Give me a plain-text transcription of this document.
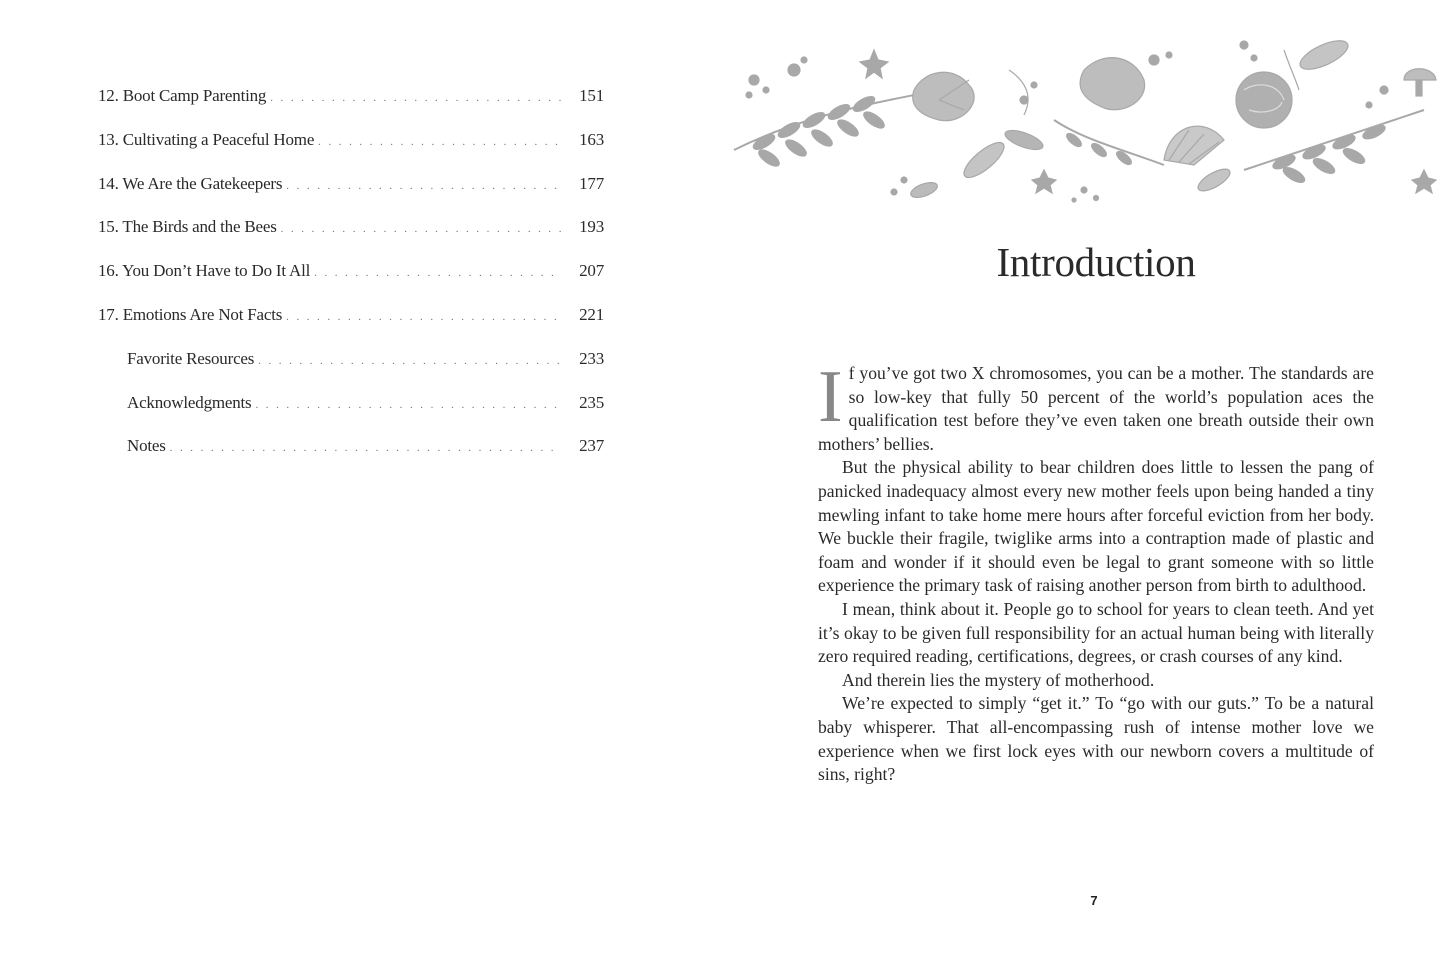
12. Boot Camp Parenting . . .	151
13. Cultivating a Peaceful Home . . .	163
14. We Are the Gatekeepers . . .	177
15. The Birds and the Bees . . .	193
16. You Don’t Have to Do It All . . .	207
17. Emotions Are Not Facts . . .	221
Favorite Resources . . .	233
Acknowledgments . . .	235
Notes . . .	237
Introduction

If you’ve got two X chromosomes, you can be a mother. The standards are so low-key that fully 50 percent of the world’s population aces the qualification test before they’ve even taken one breath outside their own mothers’ bellies.

But the physical ability to bear children does little to lessen the pang of panicked inadequacy almost every new mother feels upon being handed a tiny mewling infant to take home mere hours after forceful eviction from her body. We buckle their fragile, twiglike arms into a contraption made of plastic and foam and wonder if it should even be legal to grant someone with so little experience the primary task of raising another person from birth to adulthood.

I mean, think about it. People go to school for years to clean teeth. And yet it’s okay to be given full responsibility for an actual human being with literally zero required reading, certifications, degrees, or crash courses of any kind.

And therein lies the mystery of motherhood.

We’re expected to simply “get it.” To “go with our guts.” To be a natural baby whisperer. That all-encompassing rush of intense mother love we experience when we first lock eyes with our newborn covers a multitude of sins, right?

7
